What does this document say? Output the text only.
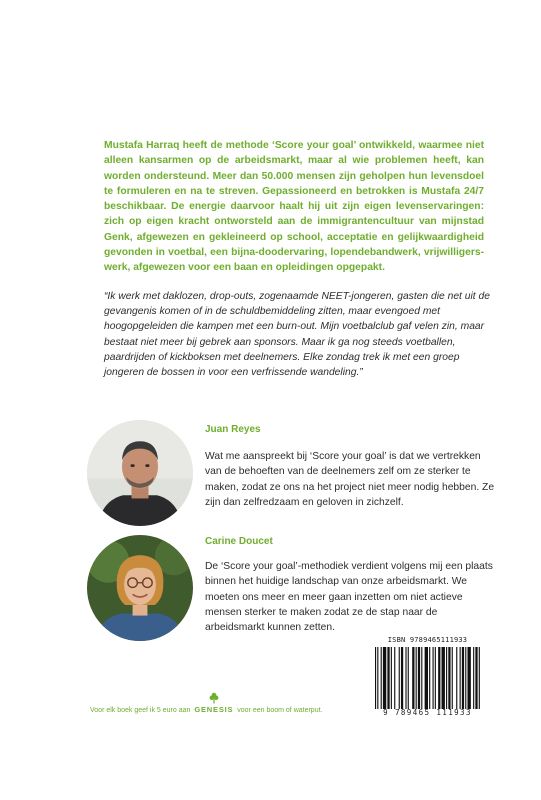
Mustafa Harraq heeft de methode ‘Score your goal’ ontwikkeld, waarmee niet alleen kansarmen op de arbeidsmarkt, maar al wie problemen heeft, kan worden ondersteund. Meer dan 50.000 mensen zijn geholpen hun levensdoel te formuleren en na te streven. Gepassioneerd en betrokken is Mustafa 24/7 beschikbaar. De energie daarvoor haalt hij uit zijn eigen levenservaringen: zich op eigen kracht ontworsteld aan de immigrantencultuur van mijnstad Genk, afgewezen en gekleineerd op school, acceptatie en gelijkwaardigheid gevonden in voetbal, een bijna-doodervaring, lopendebandwerk, vrijwilligerswerk, afgewezen voor een baan en opleidingen opgepakt.

“Ik werk met daklozen, drop-outs, zogenaamde NEET-jongeren, gasten die net uit de gevangenis komen of in de schuldbemiddeling zitten, maar evengoed met hoogopgeleiden die kampen met een burn-out. Mijn voetbalclub gaf velen zin, maar bestaat niet meer bij gebrek aan sponsors. Maar ik ga nog steeds voetballen, paardrijden of kickboksen met deelnemers. Elke zondag trek ik met een groep jongeren de bossen in voor een verfrissende wandeling.”

Juan Reyes

Wat me aanspreekt bij ‘Score your goal’ is dat we vertrekken van de behoeften van de deelnemers zelf om ze sterker te maken, zodat ze ons na het project niet meer nodig hebben. Ze zijn dan zelfredzaam en geloven in zichzelf.

Carine Doucet

De ‘Score your goal’-methodiek verdient volgens mij een plaats binnen het huidige landschap van onze arbeidsmarkt. We moeten ons meer en meer gaan inzetten om niet actieve mensen sterker te maken zodat ze de stap naar de arbeidsmarkt kunnen zetten.

ISBN 9789465111933
9 789465 111933
Voor elk boek geef ik 5 euro aan GENESIS voor een boom of waterput.
